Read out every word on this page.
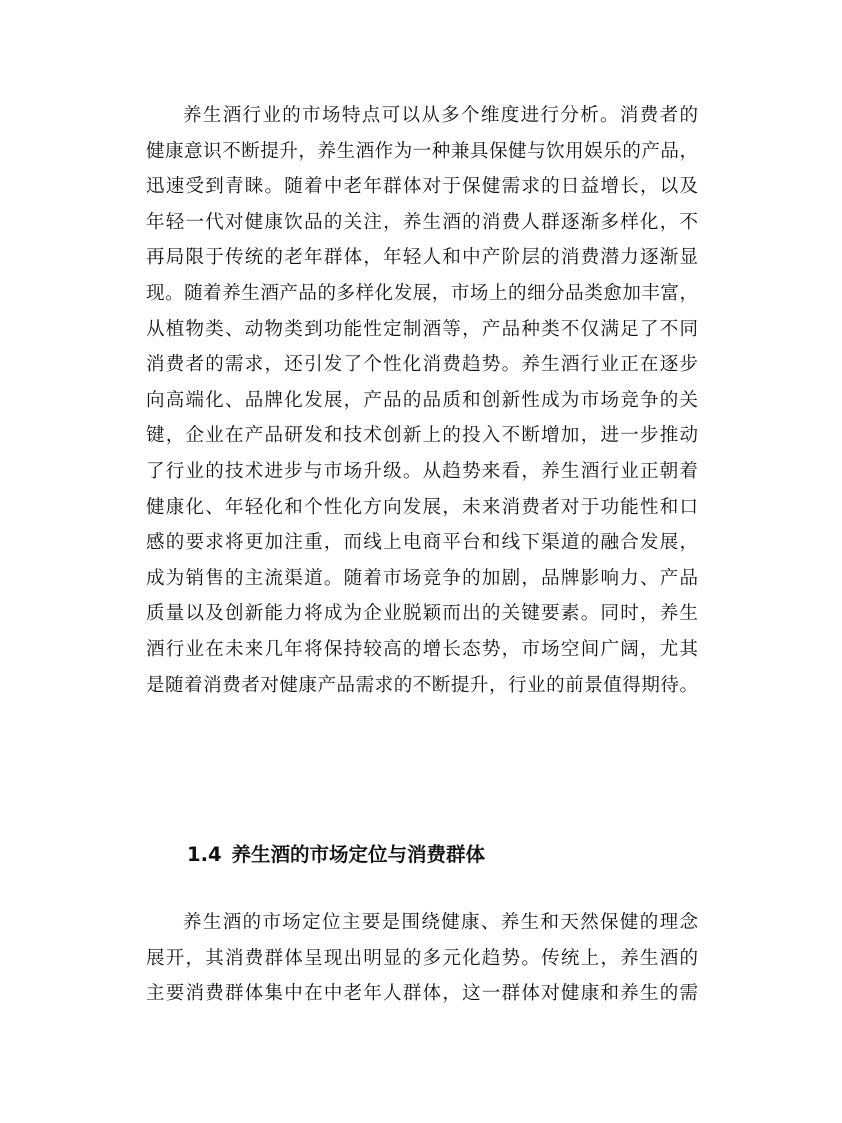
养生酒行业的市场特点可以从多个维度进行分析。消费者的
健康意识不断提升，养生酒作为一种兼具保健与饮用娱乐的产品，
迅速受到青睐。随着中老年群体对于保健需求的日益增长，以及
年轻一代对健康饮品的关注，养生酒的消费人群逐渐多样化，不
再局限于传统的老年群体，年轻人和中产阶层的消费潜力逐渐显
现。随着养生酒产品的多样化发展，市场上的细分品类愈加丰富，
从植物类、动物类到功能性定制酒等，产品种类不仅满足了不同
消费者的需求，还引发了个性化消费趋势。养生酒行业正在逐步
向高端化、品牌化发展，产品的品质和创新性成为市场竞争的关
键，企业在产品研发和技术创新上的投入不断增加，进一步推动
了行业的技术进步与市场升级。从趋势来看，养生酒行业正朝着
健康化、年轻化和个性化方向发展，未来消费者对于功能性和口
感的要求将更加注重，而线上电商平台和线下渠道的融合发展，
成为销售的主流渠道。随着市场竞争的加剧，品牌影响力、产品
质量以及创新能力将成为企业脱颖而出的关键要素。同时，养生
酒行业在未来几年将保持较高的增长态势，市场空间广阔，尤其
是随着消费者对健康产品需求的不断提升，行业的前景值得期待。
1.4 养生酒的市场定位与消费群体
养生酒的市场定位主要是围绕健康、养生和天然保健的理念
展开，其消费群体呈现出明显的多元化趋势。传统上，养生酒的
主要消费群体集中在中老年人群体，这一群体对健康和养生的需
